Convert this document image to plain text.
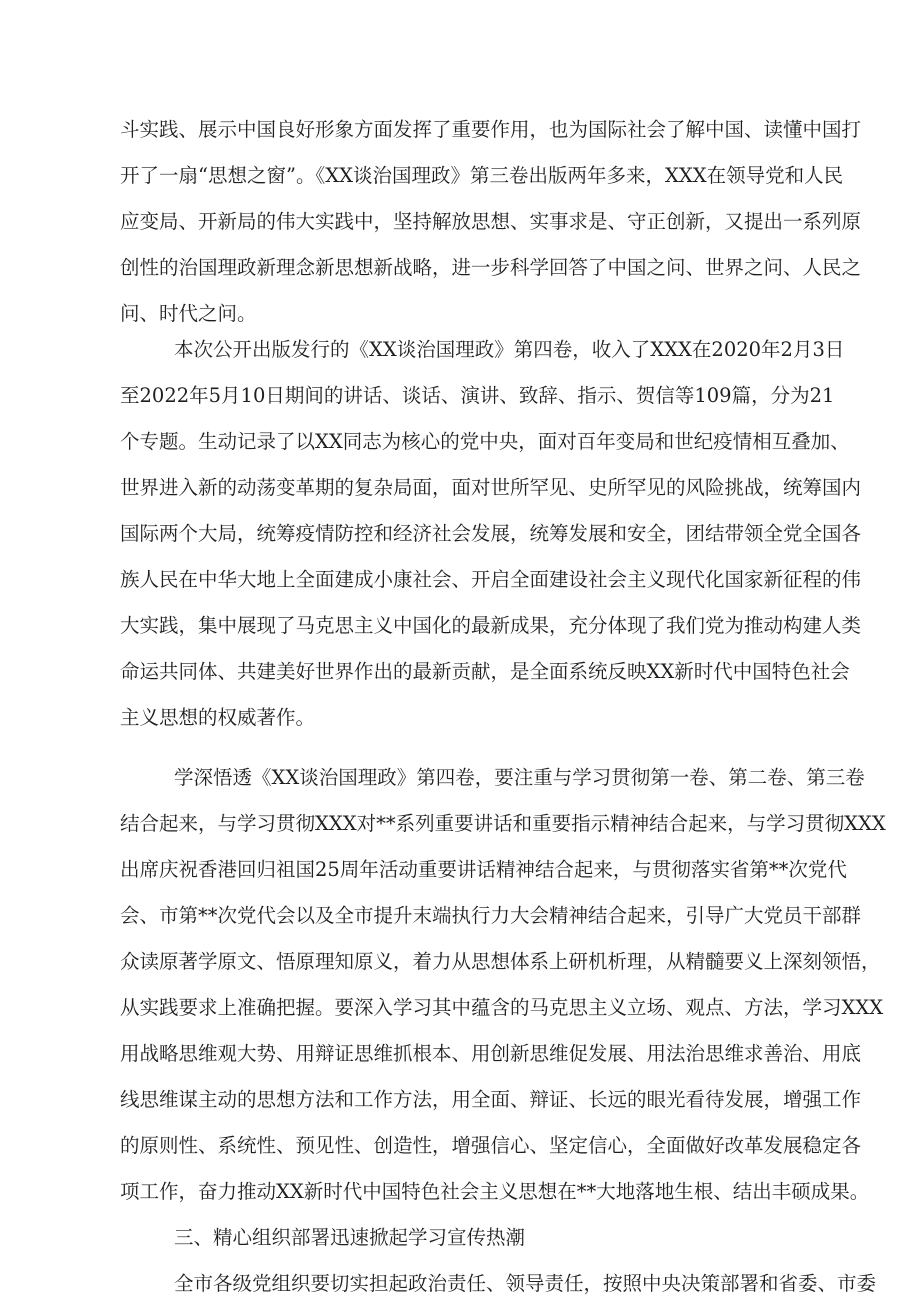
斗实践、展示中国良好形象方面发挥了重要作用，也为国际社会了解中国、读懂中国打
开了一扇“思想之窗”。《XX谈治国理政》第三卷出版两年多来，XXX在领导党和人民
应变局、开新局的伟大实践中，坚持解放思想、实事求是、守正创新，又提出一系列原
创性的治国理政新理念新思想新战略，进一步科学回答了中国之问、世界之问、人民之
问、时代之问。
本次公开出版发行的《XX谈治国理政》第四卷，收入了XXX在2020年2月3日
至2022年5月10日期间的讲话、谈话、演讲、致辞、指示、贺信等109篇，分为21
个专题。生动记录了以XX同志为核心的党中央，面对百年变局和世纪疫情相互叠加、
世界进入新的动荡变革期的复杂局面，面对世所罕见、史所罕见的风险挑战，统筹国内
国际两个大局，统筹疫情防控和经济社会发展，统筹发展和安全，团结带领全党全国各
族人民在中华大地上全面建成小康社会、开启全面建设社会主义现代化国家新征程的伟
大实践，集中展现了马克思主义中国化的最新成果，充分体现了我们党为推动构建人类
命运共同体、共建美好世界作出的最新贡献，是全面系统反映XX新时代中国特色社会
主义思想的权威著作。
学深悟透《XX谈治国理政》第四卷，要注重与学习贯彻第一卷、第二卷、第三卷
结合起来，与学习贯彻XXX对**系列重要讲话和重要指示精神结合起来，与学习贯彻XXX
出席庆祝香港回归祖国25周年活动重要讲话精神结合起来，与贯彻落实省第**次党代
会、市第**次党代会以及全市提升末端执行力大会精神结合起来，引导广大党员干部群
众读原著学原文、悟原理知原义，着力从思想体系上研机析理，从精髓要义上深刻领悟，
从实践要求上准确把握。要深入学习其中蕴含的马克思主义立场、观点、方法，学习XXX
用战略思维观大势、用辩证思维抓根本、用创新思维促发展、用法治思维求善治、用底
线思维谋主动的思想方法和工作方法，用全面、辩证、长远的眼光看待发展，增强工作
的原则性、系统性、预见性、创造性，增强信心、坚定信心，全面做好改革发展稳定各
项工作，奋力推动XX新时代中国特色社会主义思想在**大地落地生根、结出丰硕成果。
三、精心组织部署迅速掀起学习宣传热潮
全市各级党组织要切实担起政治责任、领导责任，按照中央决策部署和省委、市委
